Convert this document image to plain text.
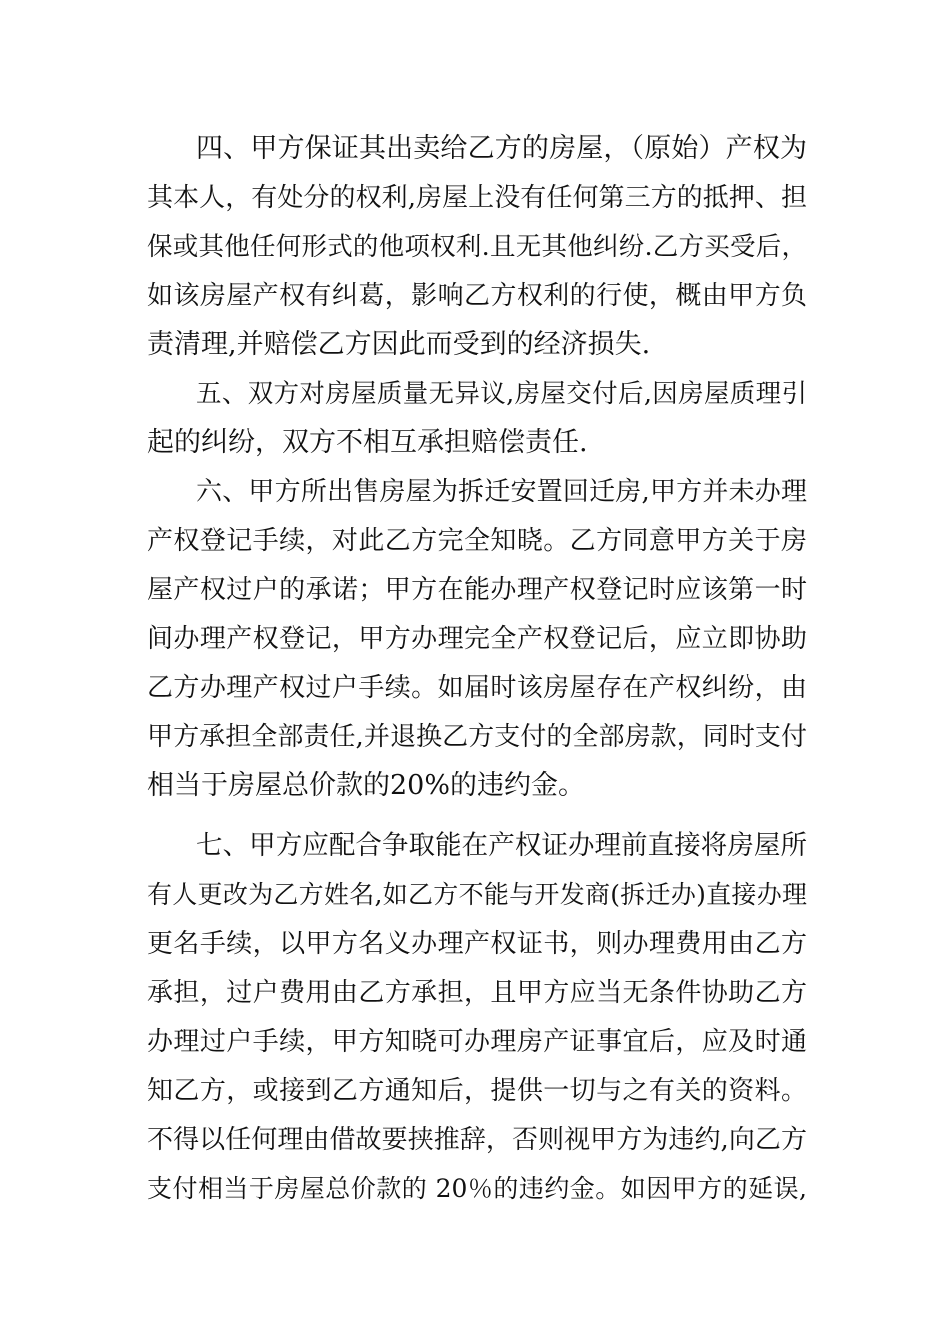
四、甲方保证其出卖给乙方的房屋，（原始）产权为
其本人，有处分的权利,房屋上没有任何第三方的抵押、担
保或其他任何形式的他项权利.且无其他纠纷.乙方买受后，
如该房屋产权有纠葛，影响乙方权利的行使，概由甲方负
责清理,并赔偿乙方因此而受到的经济损失.
五、双方对房屋质量无异议,房屋交付后,因房屋质理引
起的纠纷，双方不相互承担赔偿责任.
六、甲方所出售房屋为拆迁安置回迁房,甲方并未办理
产权登记手续，对此乙方完全知晓。乙方同意甲方关于房
屋产权过户的承诺；甲方在能办理产权登记时应该第一时
间办理产权登记，甲方办理完全产权登记后，应立即协助
乙方办理产权过户手续。如届时该房屋存在产权纠纷，由
甲方承担全部责任,并退换乙方支付的全部房款，同时支付
相当于房屋总价款的20%的违约金。
七、甲方应配合争取能在产权证办理前直接将房屋所
有人更改为乙方姓名,如乙方不能与开发商(拆迁办)直接办理
更名手续，以甲方名义办理产权证书，则办理费用由乙方
承担，过户费用由乙方承担，且甲方应当无条件协助乙方
办理过户手续，甲方知晓可办理房产证事宜后，应及时通
知乙方，或接到乙方通知后，提供一切与之有关的资料。
不得以任何理由借故要挟推辞，否则视甲方为违约,向乙方
支付相当于房屋总价款的 20％的违约金。如因甲方的延误,
